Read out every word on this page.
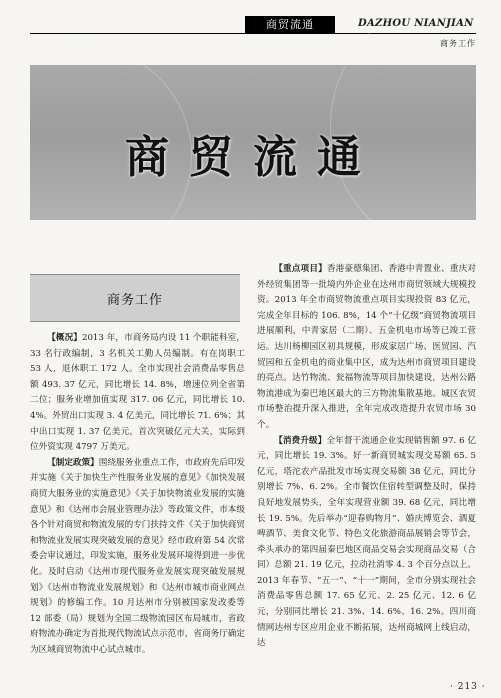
商贸流通	DAZHOU NIANJIAN
商务工作
商贸流通
商务工作

【概况】2013 年，市商务局内设 11 个职能科室，33 名行政编制，3 名机关工勤人员编制。有在岗职工 53 人，退休职工 172 人。全市实现社会消费品零售总额 493. 37 亿元，同比增长 14. 8%，增速位列全省第二位；服务业增加值实现 317. 06 亿元，同比增长 10. 4%。外贸出口实现 3. 4 亿美元，同比增长 71. 6%；其中出口实现 1. 37 亿美元，首次突破亿元大关，实际到位外资实现 4797 万美元。

【制定政策】围绕服务业重点工作，市政府先后印发并实施《关于加快生产性服务业发展的意见》《加快发展商贸大服务业的实施意见》《关于加快物流业发展的实施意见》和《达州市会展业管理办法》等政策文件，市本级各个针对商贸和物流发展的专门扶持文件《关于加快商贸和物流业发展实现突破发展的意见》经市政府第 54 次常委会审议通过，印发实施，服务业发展环境得到进一步优化。及时启动《达州市现代服务业发展实现突破发展规划》《达州市物流业发展规划》和《达州市城市商业网点规划》的修编工作。10 月达州市分别被国家发改委等 12 部委（局）规划为全国二级物流园区布局城市，省政府物流办确定为首批现代物流试点示范市，省商务厅确定为区域商贸物流中心试点城市。

【重点项目】香港豪德集团、香港中青置业、重庆对外经贸集团等一批境内外企业在达州市商贸领域大规模投资。2013 年全市商贸物流重点项目实现投资 83 亿元，完成全年目标的 106. 8%，14 个“十亿级”商贸物流项目进展顺利，中青家居（二期）、五金机电市场等已竣工营运。达川杨柳园区初具规模，形成家居广场、医贸园、汽贸园和五金机电的商业集中区，成为达州市商贸项目建设的亮点。达竹物流、瓮福物流等项目加快建设，达州公路物流港成为秦巴地区最大的三方物流集散基地。城区农贸市场整治提升深入推进，全年完成改造提升农贸市场 30 个。

【消费升级】全年督干流通企业实现销售额 97. 6 亿元，同比增长 19. 3%。好一新商贸城实现交易额 65. 5 亿元，塔沱农产品批发市场实现交易额 38 亿元，同比分别增长 7%、6. 2%。全市餐饮住宿转型调整及时，保持良好地发展势头，全年实现营业额 39. 68 亿元，同比增长 19. 5%。先后举办“迎春购物月”、婚庆博览会、酒夏啤酒节、美食文化节、特色文化旅游商品展销会等节会，牵头承办的第四届秦巴地区商品交易会实现商品交易（合同）总额 21. 19 亿元，拉动社消零 4. 3 个百分点以上。2013 年春节、“五一”、“十一”期间，全市分别实现社会消费品零售总额 17. 65 亿元、2. 25 亿元、12. 6 亿元，分别同比增长 21. 3%、14. 6%、16. 2%。四川商情网达州专区应用企业不断拓展，达州商城网上线启动，达

· 213 ·
